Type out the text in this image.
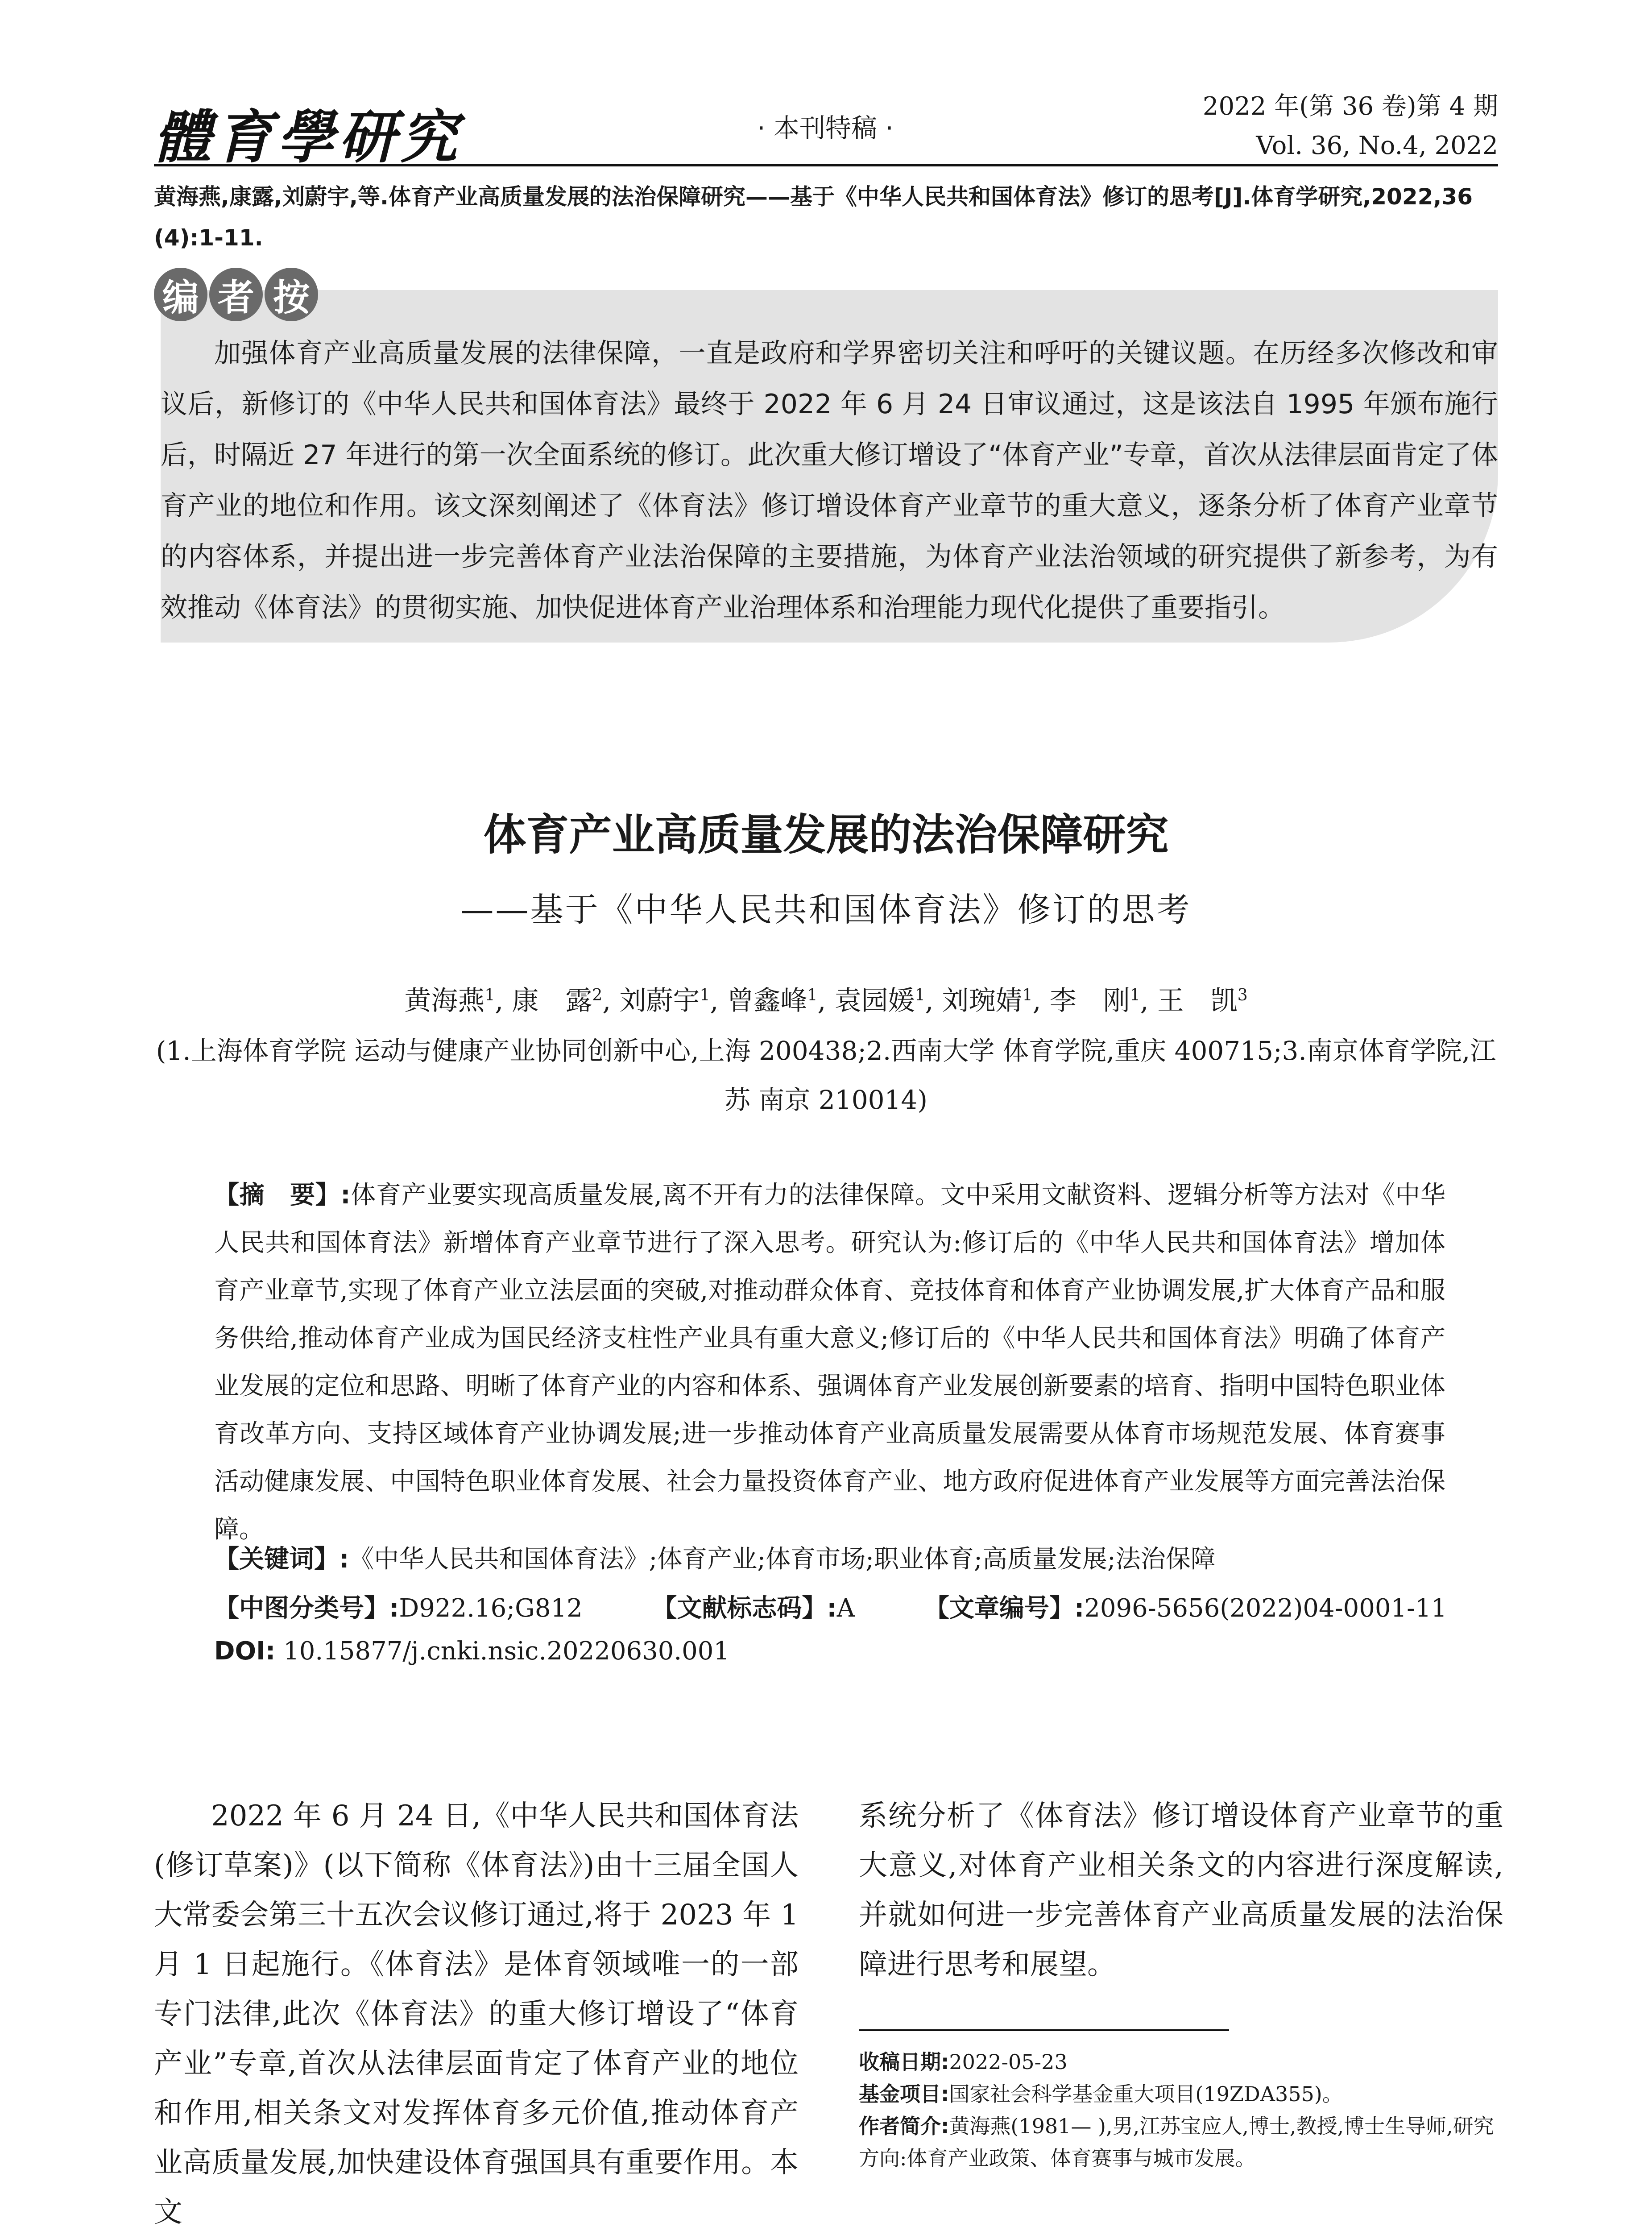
體育學研究	· 本刊特稿 ·
2022 年(第 36 卷)第 4 期
Vol. 36, No.4, 2022
黄海燕,康露,刘蔚宇,等.体育产业高质量发展的法治保障研究——基于《中华人民共和国体育法》修订的思考[J].体育学研究,2022,36(4):1-11.
编 者 按
加强体育产业高质量发展的法律保障，一直是政府和学界密切关注和呼吁的关键议题。在历经多次修改和审议后，新修订的《中华人民共和国体育法》最终于 2022 年 6 月 24 日审议通过，这是该法自 1995 年颁布施行后，时隔近 27 年进行的第一次全面系统的修订。此次重大修订增设了“体育产业”专章，首次从法律层面肯定了体育产业的地位和作用。该文深刻阐述了《体育法》修订增设体育产业章节的重大意义，逐条分析了体育产业章节的内容体系，并提出进一步完善体育产业法治保障的主要措施，为体育产业法治领域的研究提供了新参考，为有效推动《体育法》的贯彻实施、加快促进体育产业治理体系和治理能力现代化提供了重要指引。
体育产业高质量发展的法治保障研究
——基于《中华人民共和国体育法》修订的思考
黄海燕$^1$, 康　露$^2$, 刘蔚宇$^1$, 曾鑫峰$^1$, 袁园媛$^1$, 刘琬婧$^1$, 李　刚$^1$, 王　凯$^3$
(1.上海体育学院 运动与健康产业协同创新中心,上海 200438;2.西南大学 体育学院,重庆 400715;3.南京体育学院,江苏 南京 210014)
【摘　要】:体育产业要实现高质量发展,离不开有力的法律保障。文中采用文献资料、逻辑分析等方法对《中华人民共和国体育法》新增体育产业章节进行了深入思考。研究认为:修订后的《中华人民共和国体育法》增加体育产业章节,实现了体育产业立法层面的突破,对推动群众体育、竞技体育和体育产业协调发展,扩大体育产品和服务供给,推动体育产业成为国民经济支柱性产业具有重大意义;修订后的《中华人民共和国体育法》明确了体育产业发展的定位和思路、明晰了体育产业的内容和体系、强调体育产业发展创新要素的培育、指明中国特色职业体育改革方向、支持区域体育产业协调发展;进一步推动体育产业高质量发展需要从体育市场规范发展、体育赛事活动健康发展、中国特色职业体育发展、社会力量投资体育产业、地方政府促进体育产业发展等方面完善法治保障。
【关键词】:《中华人民共和国体育法》;体育产业;体育市场;职业体育;高质量发展;法治保障
【中图分类号】:D922.16;G812	【文献标志码】:A	【文章编号】:2096-5656(2022)04-0001-11
DOI: 10.15877/j.cnki.nsic.20220630.001
2022 年 6 月 24 日,《中华人民共和国体育法(修订草案)》(以下简称《体育法》)由十三届全国人大常委会第三十五次会议修订通过,将于 2023 年 1 月 1 日起施行。《体育法》是体育领域唯一的一部专门法律,此次《体育法》的重大修订增设了“体育产业”专章,首次从法律层面肯定了体育产业的地位和作用,相关条文对发挥体育多元价值,推动体育产业高质量发展,加快建设体育强国具有重要作用。本文
系统分析了《体育法》修订增设体育产业章节的重大意义,对体育产业相关条文的内容进行深度解读,并就如何进一步完善体育产业高质量发展的法治保障进行思考和展望。
收稿日期:2022-05-23
基金项目:国家社会科学基金重大项目(19ZDA355)。
作者简介:黄海燕(1981— ),男,江苏宝应人,博士,教授,博士生导师,研究方向:体育产业政策、体育赛事与城市发展。
